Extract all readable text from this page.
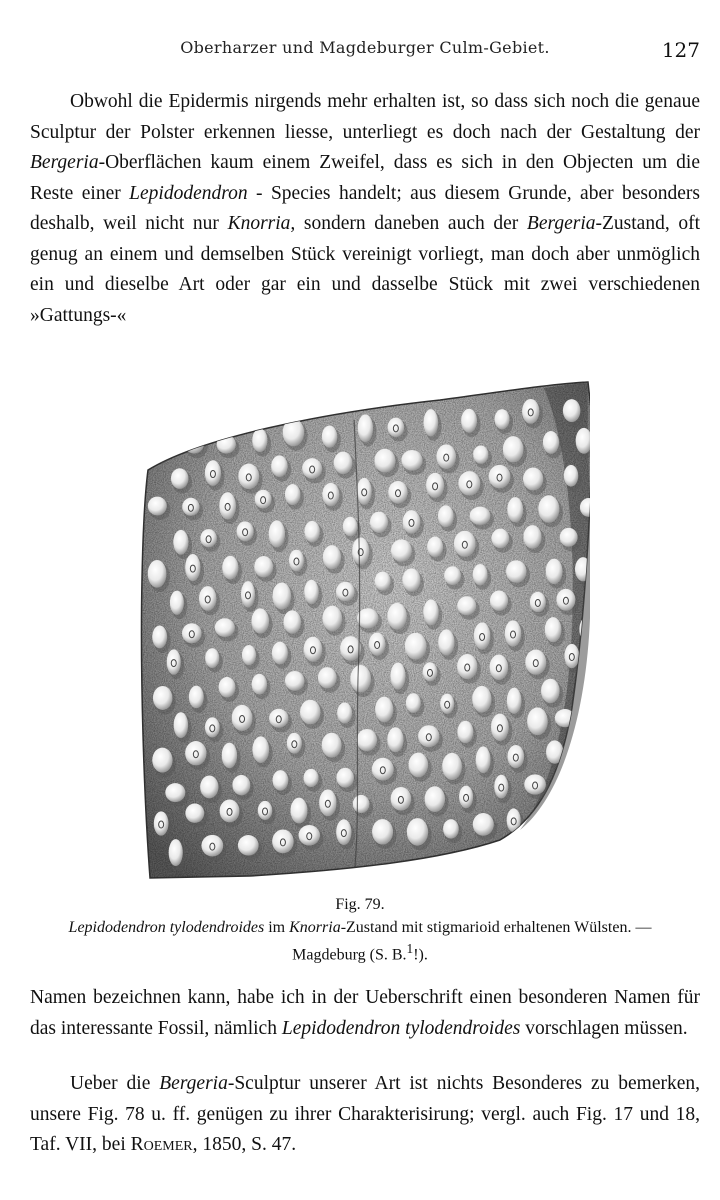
Oberharzer und Magdeburger Culm-Gebiet.	127

Obwohl die Epidermis nirgends mehr erhalten ist, so dass sich noch die genaue Sculptur der Polster erkennen liesse, unterliegt es doch nach der Gestaltung der Bergeria-Oberflächen kaum einem Zweifel, dass es sich in den Objecten um die Reste einer Lepidodendron - Species handelt; aus diesem Grunde, aber besonders deshalb, weil nicht nur Knorria, sondern daneben auch der Bergeria-Zustand, oft genug an einem und demselben Stück vereinigt vorliegt, man doch aber unmöglich ein und dieselbe Art oder gar ein und dasselbe Stück mit zwei verschiedenen »Gattungs-«

Fig. 79.
Lepidodendron tylodendroides im Knorria-Zustand mit stigmarioid erhaltenen Wülsten. — Magdeburg (S. B.$^1$!).

Namen bezeichnen kann, habe ich in der Ueberschrift einen besonderen Namen für das interessante Fossil, nämlich Lepidodendron tylodendroides vorschlagen müssen.

Ueber die Bergeria-Sculptur unserer Art ist nichts Besonderes zu bemerken, unsere Fig. 78 u. ff. genügen zu ihrer Charakterisirung; vergl. auch Fig. 17 und 18, Taf. VII, bei Roemer, 1850, S. 47.
